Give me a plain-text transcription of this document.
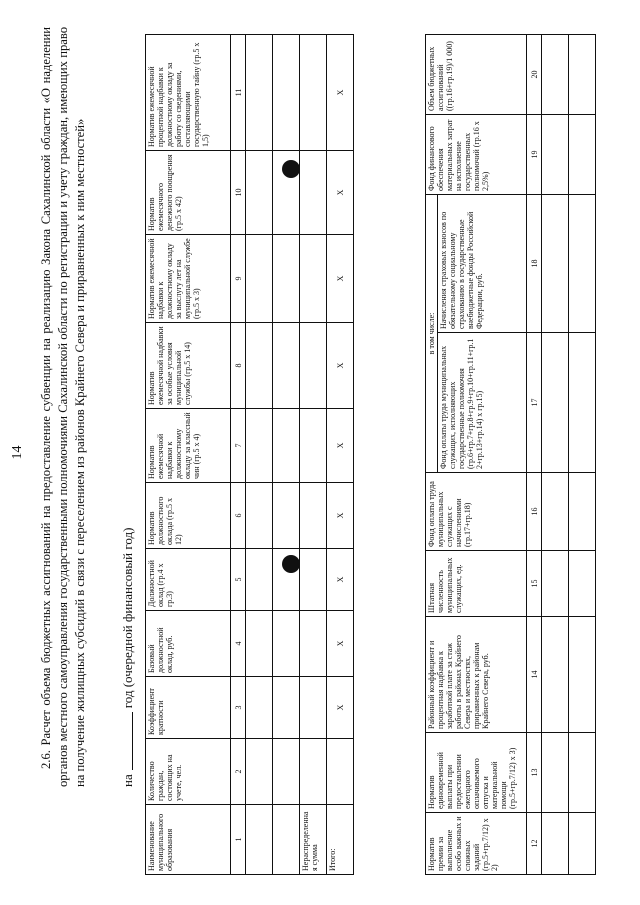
14 2.6. Расчет объема бюджетных ассигнований на предоставление субвенции на реализацию Закона Сахалинской области «О наделении органов местного самоуправления государственными полномочиями Сахалинской области по регистрации и учету граждан, имеющих право на получение жилищных субсидий в связи с переселением из районов Крайнего Севера и приравненных к ним местностей»	нагод (очередной финансовый год)
Наименование муниципального образования	Количество граждан, состоящих на учете, чел.	Коэффициент кратности	Базовый должностной оклад, руб.	Должностной оклад (гр.4 х гр.3)	Норматив должностного оклада (гр.5 х 12)	Норматив ежемесячной надбавки к должностному окладу за классный чин (гр.5 х 4)	Норматив ежемесячной надбавки за особые условия муниципальной службы (гр.5 х 14)	Норматив ежемесячной надбавки к должностному окладу за выслугу лет на муниципальной службе (гр.5 х 3)	Норматив ежемесячного денежного поощрения (гр.5 х 42)	Норматив ежемесячной процентной надбавки к должностному окладу за работу со сведениями, составляющими государственную тайну (гр.5 х 1,5)
1	2	3	4	5	6	7	8	9	10	11

Нераспределенная сумма										
Итого:		X	X	X	X	X	X	X	X	X
Норматив премии за выполнение особо важных и сложных заданий (гр.5+гр.7/12) х 2)	Норматив единовременной выплаты при предоставлении ежегодного оплачиваемого отпуска и материальной помощи (гр.5+гр.7/12) х 3)	Районный коэффициент и процентная надбавка к заработной плате за стаж работы в районах Крайнего Севера и местностях, приравненных к районам Крайнего Севера, руб.	Штатная численность муниципальных служащих, ед.	Фонд оплаты труда муниципальных служащих с начислениями (гр.17+гр.18)	в том числе:		Фонд финансового обеспечения материальных затрат на исполнение государственных полномочий (гр.16 х 2,5%)	Объем бюджетных ассигнований ((гр.16+гр.19)/1 000)
					Фонд оплаты труда муниципальных служащих, исполняющих государственные полномочия (гр.6+гр.7+гр.8+гр.9+гр.10+гр.11+гр.12+гр.13+гр.14) х гр.15)	Начисления страховых взносов по обязательному социальному страхованию в государственные внебюджетные фонды Российской Федерации, руб.		
12	13	14	15	16	17	18	19	20
